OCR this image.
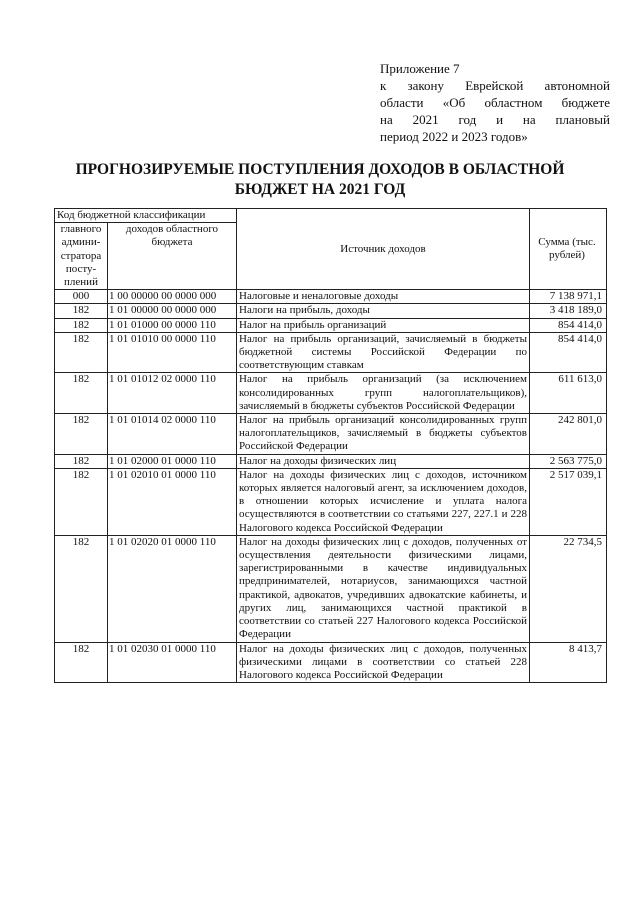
Приложение 7
к закону Еврейской автономной
области «Об областном бюджете
на 2021 год и на плановый
период 2022 и 2023 годов»
ПРОГНОЗИРУЕМЫЕ ПОСТУПЛЕНИЯ ДОХОДОВ В ОБЛАСТНОЙ
БЮДЖЕТ НА 2021 ГОД
Код бюджетной классификации		Источник доходов	Сумма (тыс. рублей)
главного админи-стратора посту-плений	доходов областного бюджета		
000	1 00 00000 00 0000 000	Налоговые и неналоговые доходы	7 138 971,1
182	1 01 00000 00 0000 000	Налоги на прибыль, доходы	3 418 189,0
182	1 01 01000 00 0000 110	Налог на прибыль организаций	854 414,0
182	1 01 01010 00 0000 110	Налог на прибыль организаций, зачисляемый в бюджеты бюджетной системы Российской Федерации по соответствующим ставкам	854 414,0
182	1 01 01012 02 0000 110	Налог на прибыль организаций (за исключением консолидированных групп налогоплательщиков), зачисляемый в бюджеты субъектов Российской Федерации	611 613,0
182	1 01 01014 02 0000 110	Налог на прибыль организаций консолидированных групп налогоплательщиков, зачисляемый в бюджеты субъектов Российской Федерации	242 801,0
182	1 01 02000 01 0000 110	Налог на доходы физических лиц	2 563 775,0
182	1 01 02010 01 0000 110	Налог на доходы физических лиц с доходов, источником которых является налоговый агент, за исключением доходов, в отношении которых исчисление и уплата налога осуществляются в соответствии со статьями 227, 227.1 и 228 Налогового кодекса Российской Федерации	2 517 039,1
182	1 01 02020 01 0000 110	Налог на доходы физических лиц с доходов, полученных от осуществления деятельности физическими лицами, зарегистрированными в качестве индивидуальных предпринимателей, нотариусов, занимающихся частной практикой, адвокатов, учредивших адвокатские кабинеты, и других лиц, занимающихся частной практикой в соответствии со статьей 227 Налогового кодекса Российской Федерации	22 734,5
182	1 01 02030 01 0000 110	Налог на доходы физических лиц с доходов, полученных физическими лицами в соответствии со статьей 228 Налогового кодекса Российской Федерации	8 413,7
